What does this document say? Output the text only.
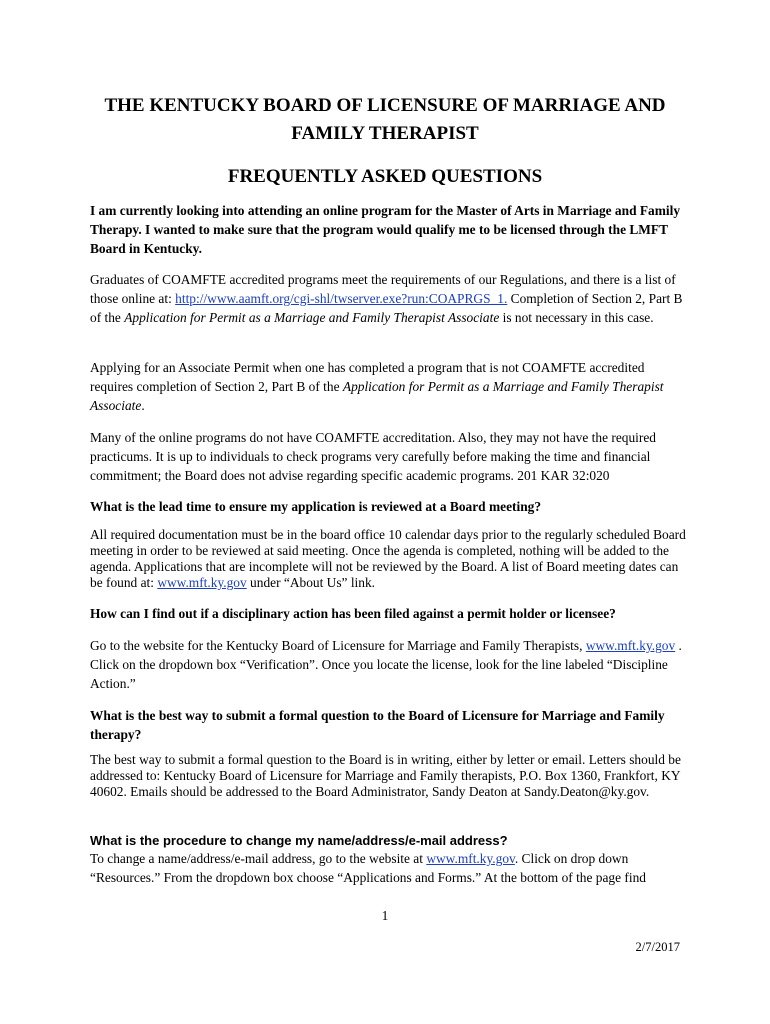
THE KENTUCKY BOARD OF LICENSURE OF MARRIAGE AND FAMILY THERAPIST
FREQUENTLY ASKED QUESTIONS

I am currently looking into attending an online program for the Master of Arts in Marriage and Family Therapy. I wanted to make sure that the program would qualify me to be licensed through the LMFT Board in Kentucky.

Graduates of COAMFTE accredited programs meet the requirements of our Regulations, and there is a list of those online at: http://www.aamft.org/cgi-shl/twserver.exe?run:COAPRGS_1. Completion of Section 2, Part B of the Application for Permit as a Marriage and Family Therapist Associate is not necessary in this case.

Applying for an Associate Permit when one has completed a program that is not COAMFTE accredited requires completion of Section 2, Part B of the Application for Permit as a Marriage and Family Therapist Associate.

Many of the online programs do not have COAMFTE accreditation. Also, they may not have the required practicums. It is up to individuals to check programs very carefully before making the time and financial commitment; the Board does not advise regarding specific academic programs. 201 KAR 32:020

What is the lead time to ensure my application is reviewed at a Board meeting?

All required documentation must be in the board office 10 calendar days prior to the regularly scheduled Board meeting in order to be reviewed at said meeting. Once the agenda is completed, nothing will be added to the agenda. Applications that are incomplete will not be reviewed by the Board. A list of Board meeting dates can be found at: www.mft.ky.gov under “About Us” link.

How can I find out if a disciplinary action has been filed against a permit holder or licensee?

Go to the website for the Kentucky Board of Licensure for Marriage and Family Therapists, www.mft.ky.gov . Click on the dropdown box “Verification”. Once you locate the license, look for the line labeled “Discipline Action.”

What is the best way to submit a formal question to the Board of Licensure for Marriage and Family therapy?

The best way to submit a formal question to the Board is in writing, either by letter or email. Letters should be addressed to: Kentucky Board of Licensure for Marriage and Family therapists, P.O. Box 1360, Frankfort, KY 40602. Emails should be addressed to the Board Administrator, Sandy Deaton at Sandy.Deaton@ky.gov.

What is the procedure to change my name/address/e-mail address?

To change a name/address/e-mail address, go to the website at www.mft.ky.gov. Click on drop down “Resources.” From the dropdown box choose “Applications and Forms.” At the bottom of the page find

1
2/7/2017
